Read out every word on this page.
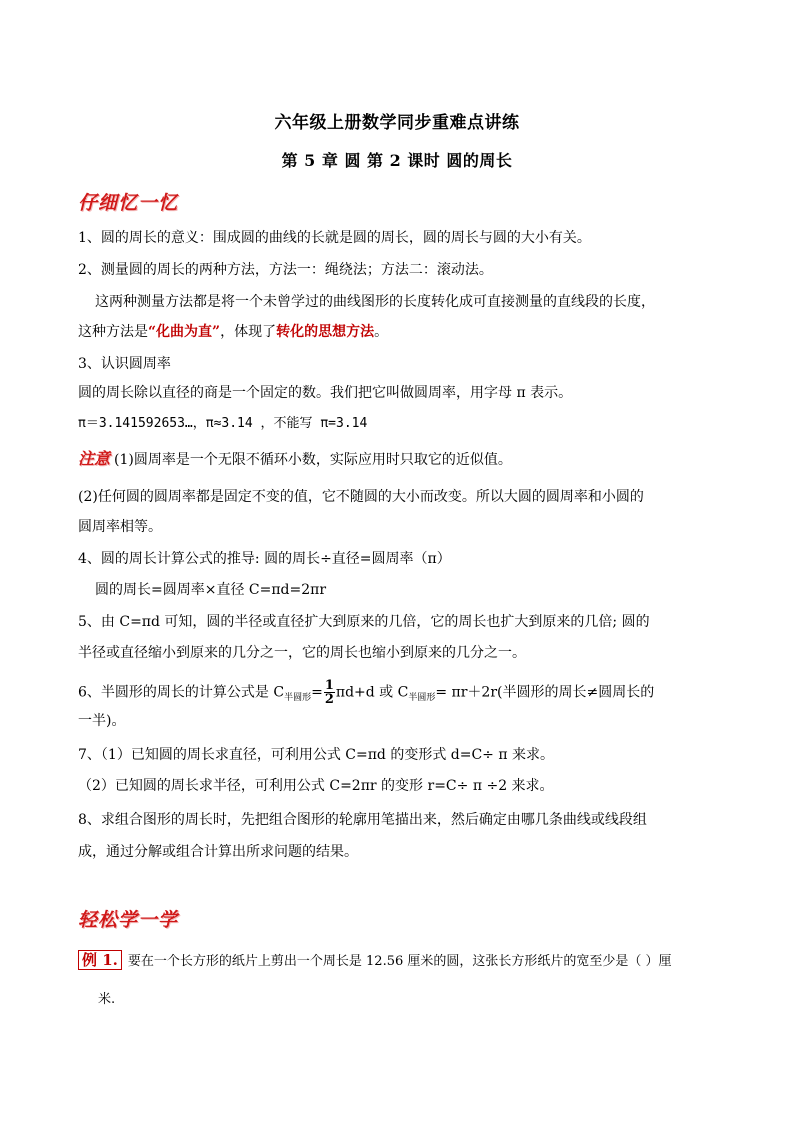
六年级上册数学同步重难点讲练
第 5 章 圆 第 2 课时 圆的周长
仔细忆一忆
1、圆的周长的意义：围成圆的曲线的长就是圆的周长，圆的周长与圆的大小有关。
2、测量圆的周长的两种方法，方法一：绳绕法；方法二：滚动法。
这两种测量方法都是将一个未曾学过的曲线图形的长度转化成可直接测量的直线段的长度，
这种方法是“化曲为直”，体现了转化的思想方法。
3、认识圆周率
圆的周长除以直径的商是一个固定的数。我们把它叫做圆周率，用字母 π 表示。
π＝3.141592653…，π≈3.14 ，不能写 π=3.14
注意 (1)圆周率是一个无限不循环小数，实际应用时只取它的近似值。
(2)任何圆的圆周率都是固定不变的值，它不随圆的大小而改变。所以大圆的圆周率和小圆的
圆周率相等。
4、圆的周长计算公式的推导: 圆的周长÷直径=圆周率（π）
圆的周长=圆周率×直径 C=πd=2πr
5、由 C=πd 可知，圆的半径或直径扩大到原来的几倍，它的周长也扩大到原来的几倍; 圆的
半径或直径缩小到原来的几分之一，它的周长也缩小到原来的几分之一。
6、半圆形的周长的计算公式是 $C_{半圆形}= \frac{1}{2} \pi d+d$ 或 $C_{半圆形}= \pi r+2r$(半圆形的周长≠圆周长的
一半)。
7、（1）已知圆的周长求直径，可利用公式 C=πd 的变形式 d=C÷ π 来求。
（2）已知圆的周长求半径，可利用公式 C=2πr 的变形 r=C÷ π ÷2 来求。
8、求组合图形的周长时，先把组合图形的轮廓用笔描出来，然后确定由哪几条曲线或线段组
成，通过分解或组合计算出所求问题的结果。
轻松学一学
例 1. 要在一个长方形的纸片上剪出一个周长是 12.56 厘米的圆，这张长方形纸片的宽至少是（ ）厘
米.
